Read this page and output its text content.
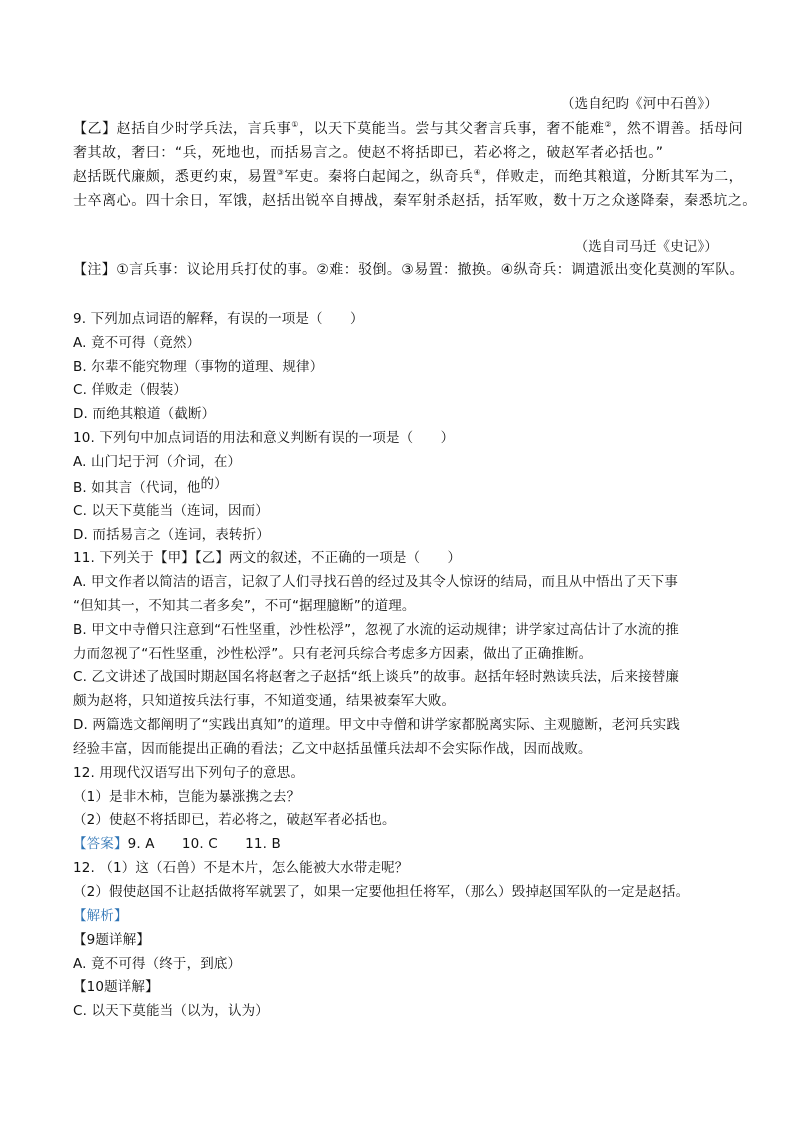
（选自纪昀《河中石兽》）
【乙】赵括自少时学兵法，言兵事①，以天下莫能当。尝与其父奢言兵事，奢不能难②，然不谓善。括母问
奢其故，奢曰：“兵，死地也，而括易言之。使赵不将括即已，若必将之，破赵军者必括也。”
赵括既代廉颇，悉更约束，易置③军吏。秦将白起闻之，纵奇兵④，佯败走，而绝其粮道，分断其军为二，
士卒离心。四十余日，军饿，赵括出锐卒自搏战，秦军射杀赵括，括军败，数十万之众遂降秦，秦悉坑之。
（选自司马迁《史记》）
【注】①言兵事：议论用兵打仗的事。②难：驳倒。③易置：撤换。④纵奇兵：调遣派出变化莫测的军队。
9. 下列加点词语的解释，有误的一项是（　　）
A. 竟不可得（竟然）
B. 尔辈不能究物理（事物的道理、规律）
C. 佯败走（假装）
D. 而绝其粮道（截断）
10. 下列句中加点词语的用法和意义判断有误的一项是（　　）
A. 山门圮于河（介词，在）
B. 如其言（代词，他的）
C. 以天下莫能当（连词，因而）
D. 而括易言之（连词，表转折）
11. 下列关于【甲】【乙】两文的叙述，不正确的一项是（　　）
A. 甲文作者以简洁的语言，记叙了人们寻找石兽的经过及其令人惊讶的结局，而且从中悟出了天下事
“但知其一，不知其二者多矣”，不可“据理臆断”的道理。
B. 甲文中寺僧只注意到“石性坚重，沙性松浮”，忽视了水流的运动规律；讲学家过高估计了水流的推
力而忽视了“石性坚重，沙性松浮”。只有老河兵综合考虑多方因素，做出了正确推断。
C. 乙文讲述了战国时期赵国名将赵奢之子赵括“纸上谈兵”的故事。赵括年轻时熟读兵法，后来接替廉
颇为赵将，只知道按兵法行事，不知道变通，结果被秦军大败。
D. 两篇选文都阐明了“实践出真知”的道理。甲文中寺僧和讲学家都脱离实际、主观臆断，老河兵实践
经验丰富，因而能提出正确的看法；乙文中赵括虽懂兵法却不会实际作战，因而战败。
12. 用现代汉语写出下列句子的意思。
（1）是非木柿，岂能为暴涨携之去？
（2）使赵不将括即已，若必将之，破赵军者必括也。
【答案】9. A　　10. C　　11. B
12. （1）这（石兽）不是木片，怎么能被大水带走呢？
（2）假使赵国不让赵括做将军就罢了，如果一定要他担任将军，（那么）毁掉赵国军队的一定是赵括。
【解析】
【9题详解】
A. 竟不可得（终于，到底）
【10题详解】
C. 以天下莫能当（以为，认为）
